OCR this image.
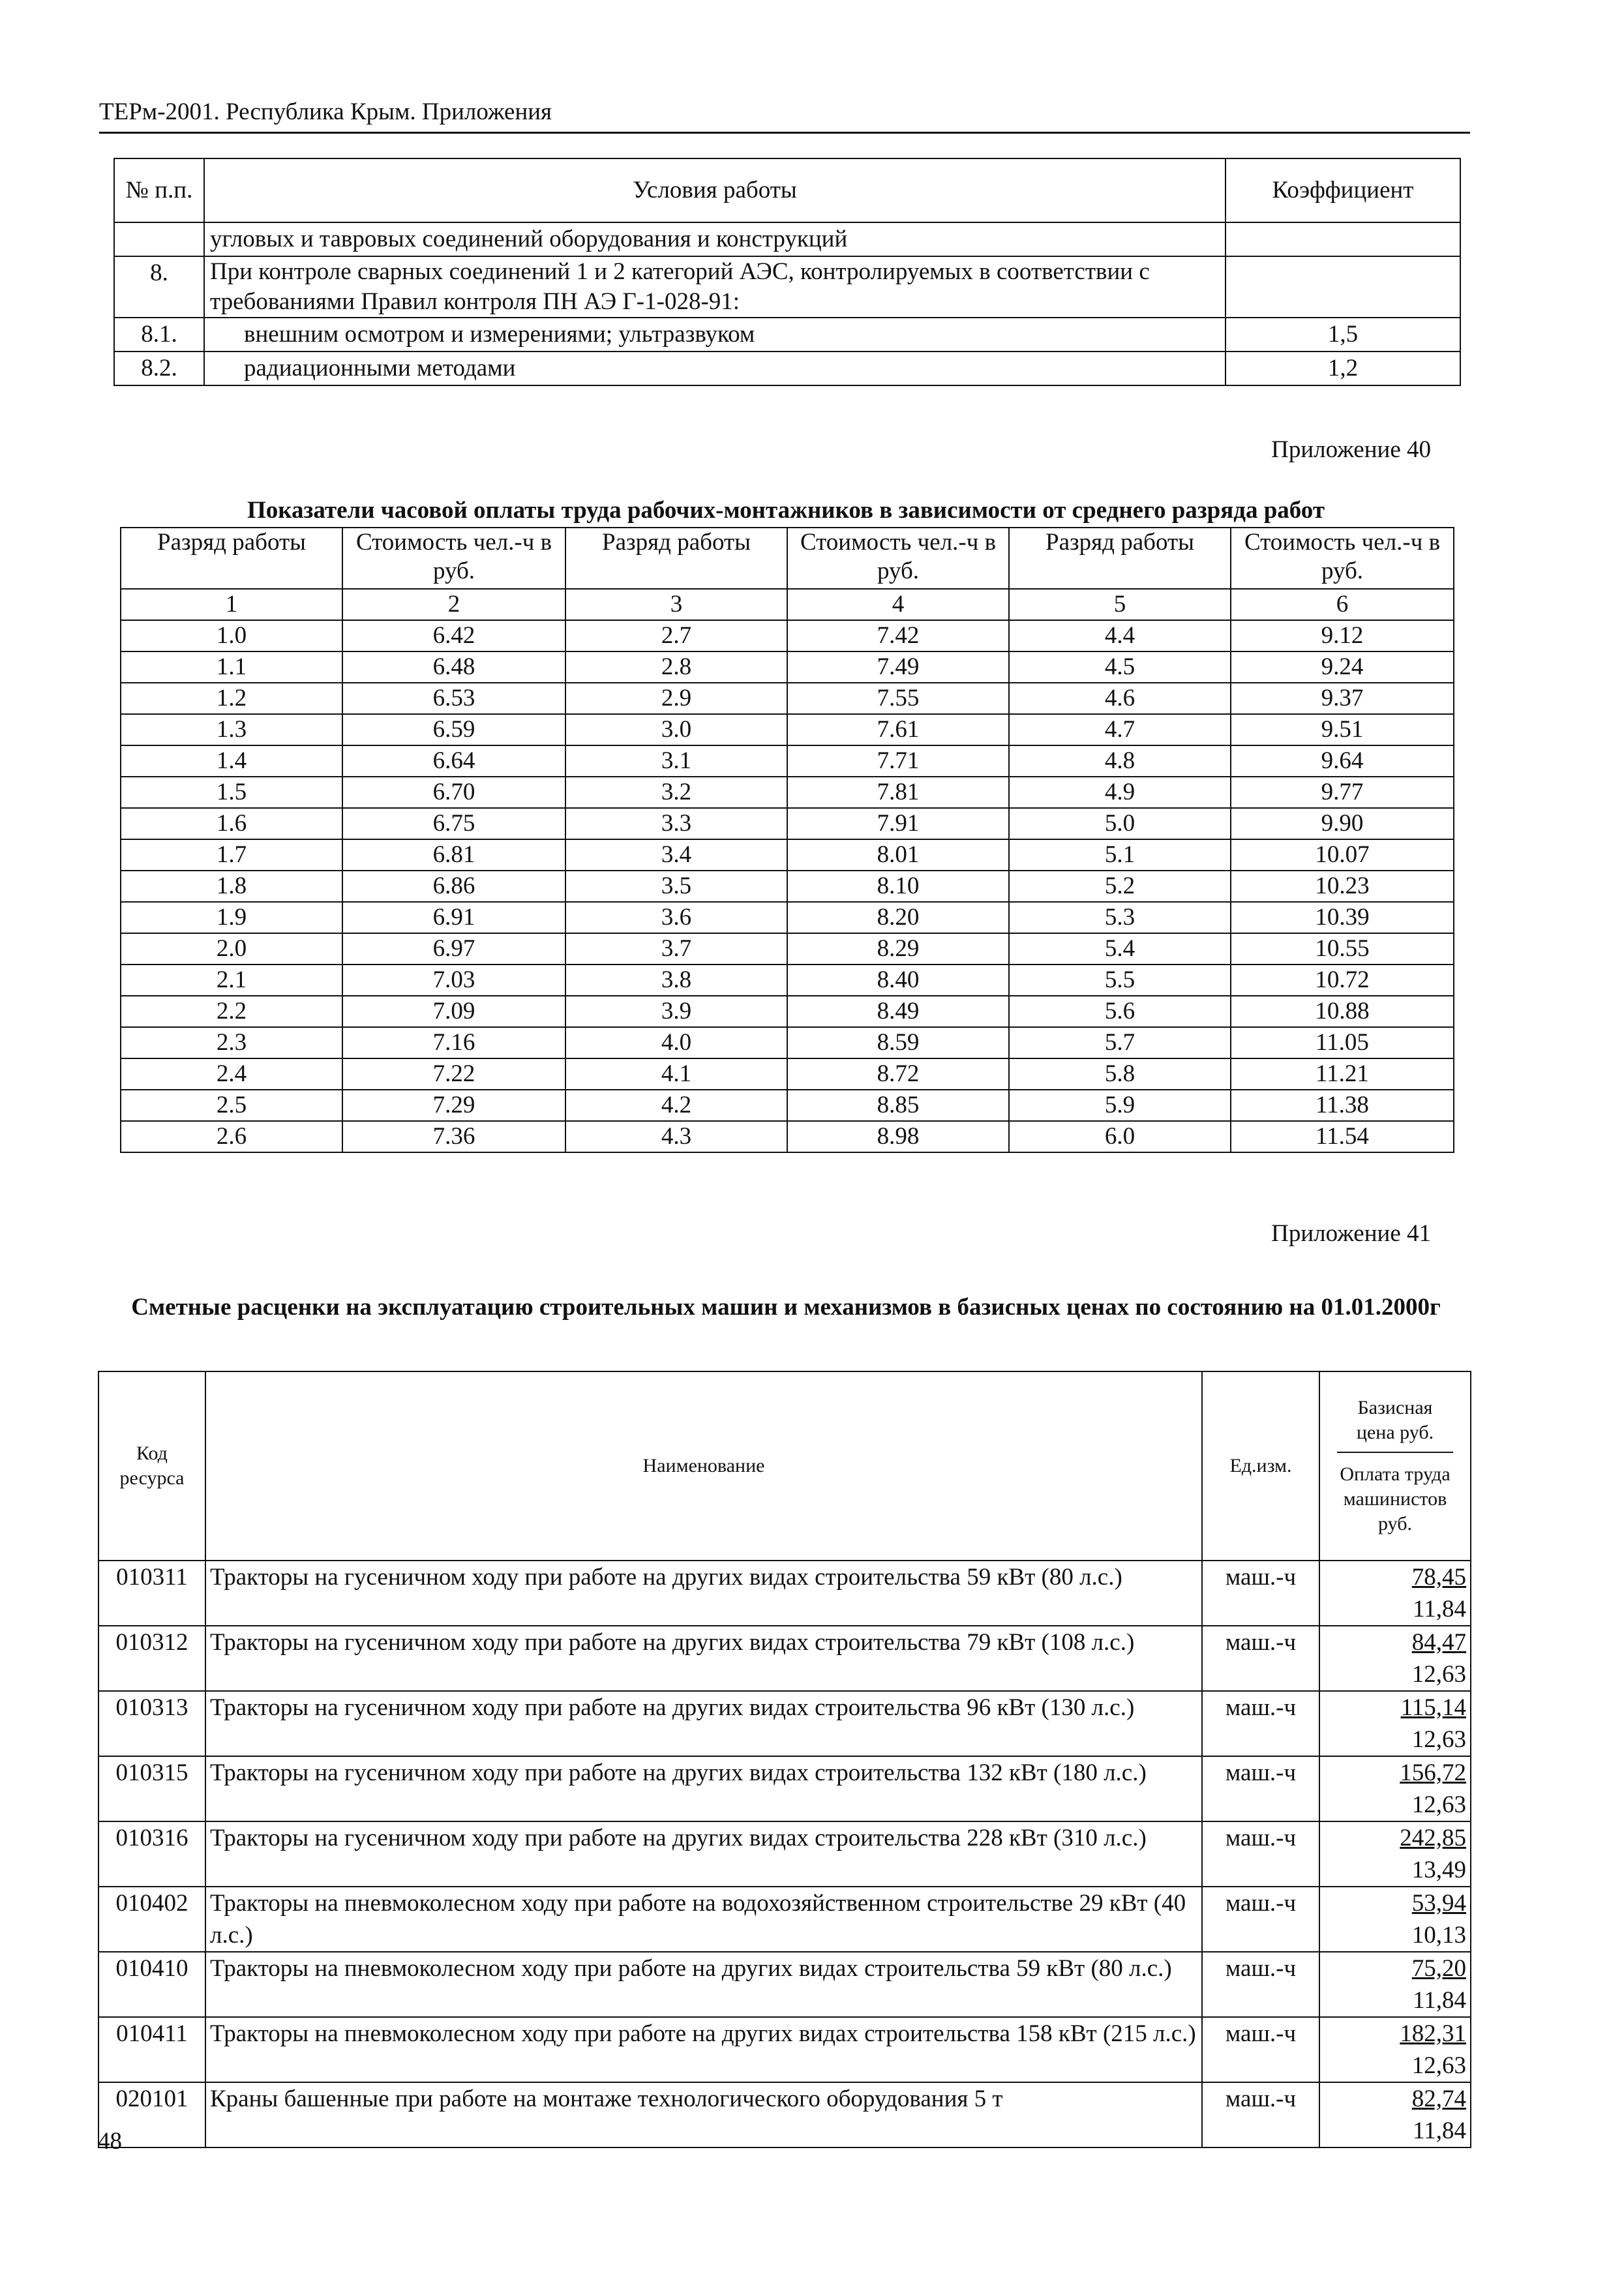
ТЕРм-2001. Республика Крым. Приложения
№ п.п.	Условия работы	Коэффициент
	угловых и тавровых соединений оборудования и конструкций	
8.	При контроле сварных соединений 1 и 2 категорий АЭС, контролируемых в соответствии с требованиями Правил контроля ПН АЭ Г-1-028-91:	
8.1.	внешним осмотром и измерениями; ультразвуком	1,5
8.2.	радиационными методами	1,2
Приложение 40
Показатели часовой оплаты труда рабочих-монтажников в зависимости от среднего разряда работ
Разряд работы	Стоимость чел.-ч в руб.	Разряд работы	Стоимость чел.-ч в руб.	Разряд работы	Стоимость чел.-ч в руб.
1	2	3	4	5	6
1.0	6.42	2.7	7.42	4.4	9.12
1.1	6.48	2.8	7.49	4.5	9.24
1.2	6.53	2.9	7.55	4.6	9.37
1.3	6.59	3.0	7.61	4.7	9.51
1.4	6.64	3.1	7.71	4.8	9.64
1.5	6.70	3.2	7.81	4.9	9.77
1.6	6.75	3.3	7.91	5.0	9.90
1.7	6.81	3.4	8.01	5.1	10.07
1.8	6.86	3.5	8.10	5.2	10.23
1.9	6.91	3.6	8.20	5.3	10.39
2.0	6.97	3.7	8.29	5.4	10.55
2.1	7.03	3.8	8.40	5.5	10.72
2.2	7.09	3.9	8.49	5.6	10.88
2.3	7.16	4.0	8.59	5.7	11.05
2.4	7.22	4.1	8.72	5.8	11.21
2.5	7.29	4.2	8.85	5.9	11.38
2.6	7.36	4.3	8.98	6.0	11.54
Приложение 41
Сметные расценки на эксплуатацию строительных машин и механизмов в базисных ценах по состоянию на 01.01.2000г
Код ресурса	Наименование	Ед.изм.	Базисная цена руб.
Оплата труда машинистов руб.

010311	Тракторы на гусеничном ходу при работе на других видах строительства 59 кВт (80 л.с.)	маш.-ч	78,45
11,84

010312	Тракторы на гусеничном ходу при работе на других видах строительства 79 кВт (108 л.с.)	маш.-ч	84,47
12,63

010313	Тракторы на гусеничном ходу при работе на других видах строительства 96 кВт (130 л.с.)	маш.-ч	115,14
12,63

010315	Тракторы на гусеничном ходу при работе на других видах строительства 132 кВт (180 л.с.)	маш.-ч	156,72
12,63

010316	Тракторы на гусеничном ходу при работе на других видах строительства 228 кВт (310 л.с.)	маш.-ч	242,85
13,49

010402	Тракторы на пневмоколесном ходу при работе на водохозяйственном строительстве 29 кВт (40 л.с.)	маш.-ч	53,94
10,13

010410	Тракторы на пневмоколесном ходу при работе на других видах строительства 59 кВт (80 л.с.)	маш.-ч	75,20
11,84

010411	Тракторы на пневмоколесном ходу при работе на других видах строительства 158 кВт (215 л.с.)	маш.-ч	182,31
12,63

020101	Краны башенные при работе на монтаже технологического оборудования 5 т	маш.-ч	82,74
11,84
48
